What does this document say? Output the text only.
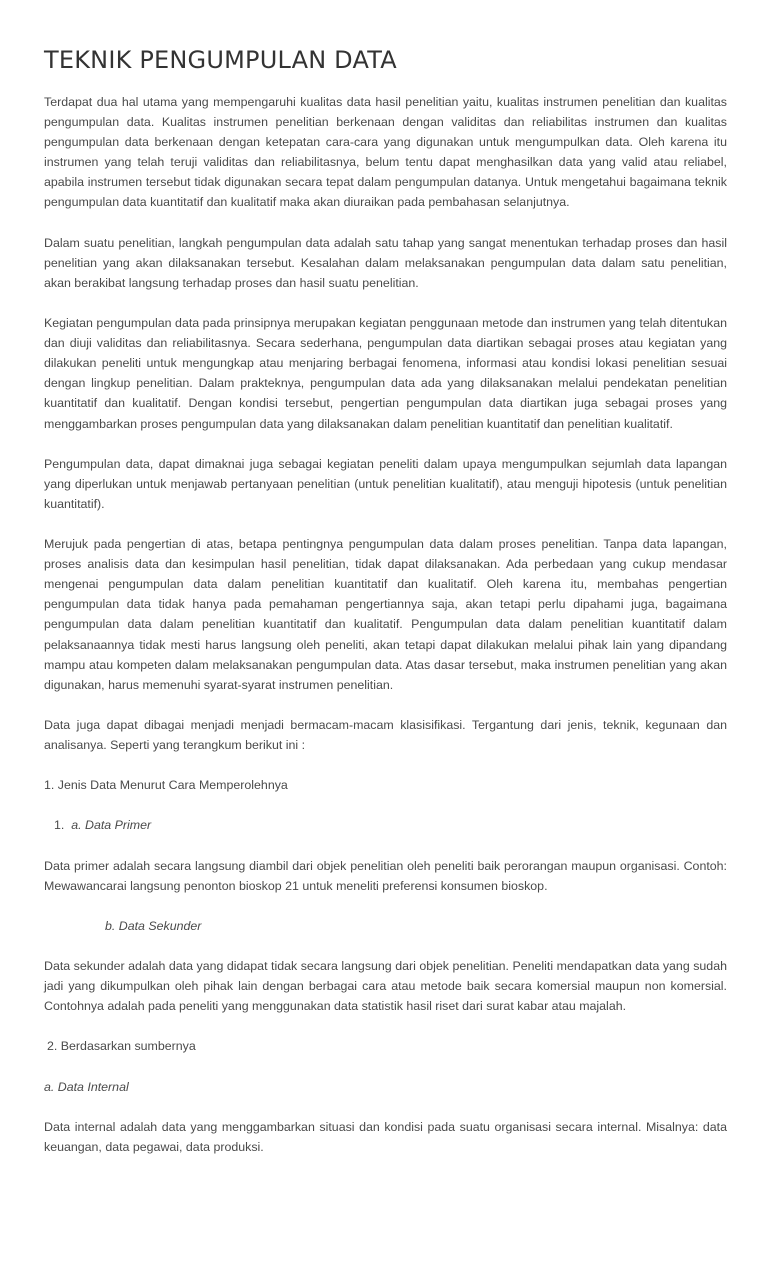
TEKNIK PENGUMPULAN DATA

Terdapat dua hal utama yang mempengaruhi kualitas data hasil penelitian yaitu, kualitas instrumen penelitian dan kualitas pengumpulan data. Kualitas instrumen penelitian berkenaan dengan validitas dan reliabilitas instrumen dan kualitas pengumpulan data berkenaan dengan ketepatan cara-cara yang digunakan untuk mengumpulkan data. Oleh karena itu instrumen yang telah teruji validitas dan reliabilitasnya, belum tentu dapat menghasilkan data yang valid atau reliabel, apabila instrumen tersebut tidak digunakan secara tepat dalam pengumpulan datanya. Untuk mengetahui bagaimana teknik pengumpulan data kuantitatif dan kualitatif maka akan diuraikan pada pembahasan selanjutnya.

Dalam suatu penelitian, langkah pengumpulan data adalah satu tahap yang sangat menentukan terhadap proses dan hasil penelitian yang akan dilaksanakan tersebut. Kesalahan dalam melaksanakan pengumpulan data dalam satu penelitian, akan berakibat langsung terhadap proses dan hasil suatu penelitian.

Kegiatan pengumpulan data pada prinsipnya merupakan kegiatan penggunaan metode dan instrumen yang telah ditentukan dan diuji validitas dan reliabilitasnya. Secara sederhana, pengumpulan data diartikan sebagai proses atau kegiatan yang dilakukan peneliti untuk mengungkap atau menjaring berbagai fenomena, informasi atau kondisi lokasi penelitian sesuai dengan lingkup penelitian. Dalam prakteknya, pengumpulan data ada yang dilaksanakan melalui pendekatan penelitian kuantitatif dan kualitatif. Dengan kondisi tersebut, pengertian pengumpulan data diartikan juga sebagai proses yang menggambarkan proses pengumpulan data yang dilaksanakan dalam penelitian kuantitatif dan penelitian kualitatif.

Pengumpulan data, dapat dimaknai juga sebagai kegiatan peneliti dalam upaya mengumpulkan sejumlah data lapangan yang diperlukan untuk menjawab pertanyaan penelitian (untuk penelitian kualitatif), atau menguji hipotesis (untuk penelitian kuantitatif).

Merujuk pada pengertian di atas, betapa pentingnya pengumpulan data dalam proses penelitian. Tanpa data lapangan, proses analisis data dan kesimpulan hasil penelitian, tidak dapat dilaksanakan. Ada perbedaan yang cukup mendasar mengenai pengumpulan data dalam penelitian kuantitatif dan kualitatif. Oleh karena itu, membahas pengertian pengumpulan data tidak hanya pada pemahaman pengertiannya saja, akan tetapi perlu dipahami juga, bagaimana pengumpulan data dalam penelitian kuantitatif dan kualitatif. Pengumpulan data dalam penelitian kuantitatif dalam pelaksanaannya tidak mesti harus langsung oleh peneliti, akan tetapi dapat dilakukan melalui pihak lain yang dipandang mampu atau kompeten dalam melaksanakan pengumpulan data. Atas dasar tersebut, maka instrumen penelitian yang akan digunakan, harus memenuhi syarat-syarat instrumen penelitian.

Data juga dapat dibagai menjadi menjadi bermacam-macam klasisifikasi. Tergantung dari jenis, teknik, kegunaan dan analisanya. Seperti yang terangkum berikut ini :

1. Jenis Data Menurut Cara Memperolehnya
1. a. Data Primer

Data primer adalah secara langsung diambil dari objek penelitian oleh peneliti baik perorangan maupun organisasi. Contoh: Mewawancarai langsung penonton bioskop 21 untuk meneliti preferensi konsumen bioskop.

b. Data Sekunder

Data sekunder adalah data yang didapat tidak secara langsung dari objek penelitian. Peneliti mendapatkan data yang sudah jadi yang dikumpulkan oleh pihak lain dengan berbagai cara atau metode baik secara komersial maupun non komersial. Contohnya adalah pada peneliti yang menggunakan data statistik hasil riset dari surat kabar atau majalah.

2. Berdasarkan sumbernya
a. Data Internal

Data internal adalah data yang menggambarkan situasi dan kondisi pada suatu organisasi secara internal. Misalnya: data keuangan, data pegawai, data produksi.
